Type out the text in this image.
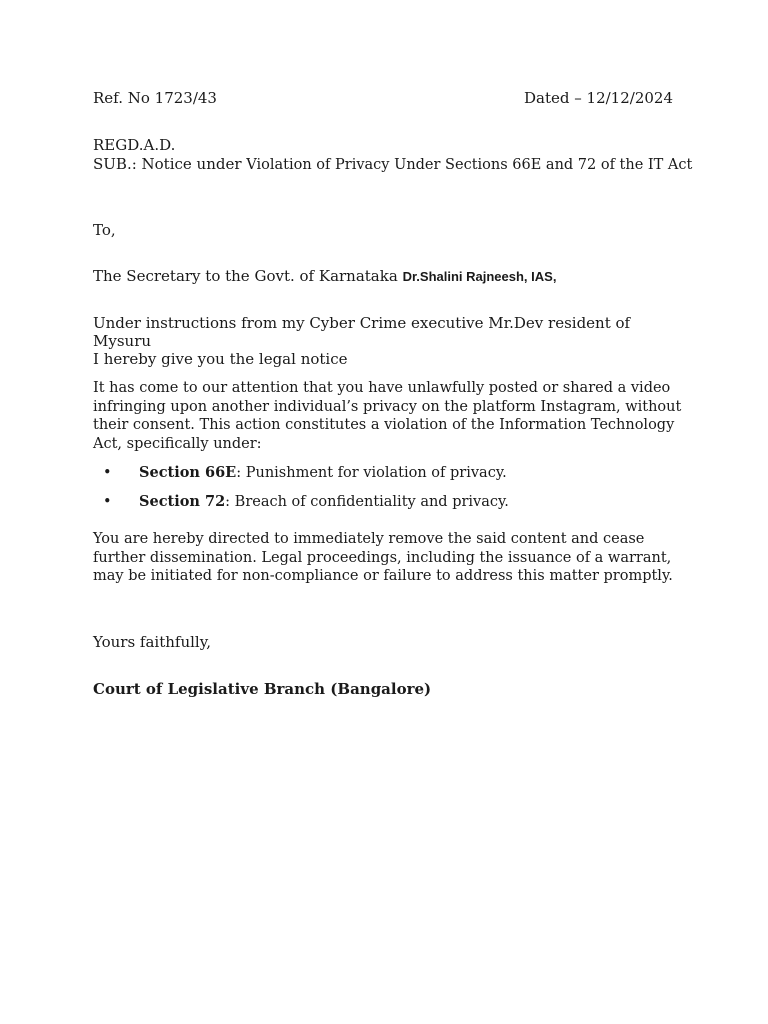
Ref. No 1723/43	Dated – 12/12/2024
REGD.A.D.
SUB.: Notice under Violation of Privacy Under Sections 66E and 72 of the IT Act
To,
The Secretary to the Govt. of Karnataka Dr.Shalini Rajneesh, IAS,
Under instructions from my Cyber Crime executive Mr.Dev resident of Mysuru
I hereby give you the legal notice
It has come to our attention that you have unlawfully posted or shared a video infringing upon another individual’s privacy on the platform Instagram, without their consent. This action constitutes a violation of the Information Technology Act, specifically under:
• Section 66E: Punishment for violation of privacy.
• Section 72: Breach of confidentiality and privacy.
You are hereby directed to immediately remove the said content and cease further dissemination. Legal proceedings, including the issuance of a warrant, may be initiated for non-compliance or failure to address this matter promptly.
Yours faithfully,
Court of Legislative Branch (Bangalore)
